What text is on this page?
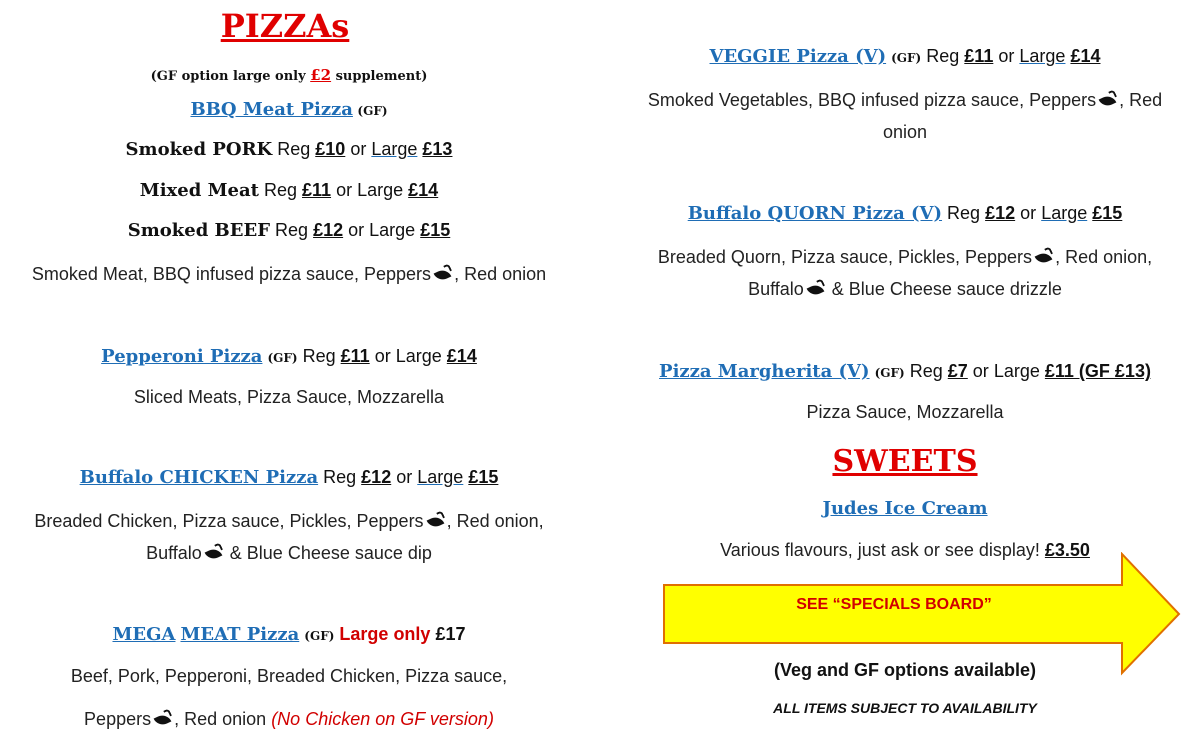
PIZZAs
(GF option large only £2 supplement)
BBQ Meat Pizza (GF)
Smoked PORK Reg £10 or Large £13
Mixed Meat Reg £11 or Large £14
Smoked BEEF Reg £12 or Large £15
Smoked Meat, BBQ infused pizza sauce, Peppers , Red onion
Pepperoni Pizza (GF) Reg £11 or Large £14
Sliced Meats, Pizza Sauce, Mozzarella
Buffalo CHICKEN Pizza Reg £12 or Large £15
Breaded Chicken, Pizza sauce, Pickles, Peppers , Red onion,
Buffalo & Blue Cheese sauce dip
MEGA MEAT Pizza (GF) Large only £17
Beef, Pork, Pepperoni, Breaded Chicken, Pizza sauce,
Peppers , Red onion (No Chicken on GF version)
VEGGIE Pizza (V) (GF) Reg £11 or Large £14
Smoked Vegetables, BBQ infused pizza sauce, Peppers , Red
onion
Buffalo QUORN Pizza (V) Reg £12 or Large £15
Breaded Quorn, Pizza sauce, Pickles, Peppers , Red onion,
Buffalo & Blue Cheese sauce drizzle
Pizza Margherita (V) (GF) Reg £7 or Large £11 (GF £13)
Pizza Sauce, Mozzarella
SWEETS
Judes Ice Cream
Various flavours, just ask or see display! £3.50
SEE “SPECIALS BOARD”
(Veg and GF options available)
ALL ITEMS SUBJECT TO AVAILABILITY
